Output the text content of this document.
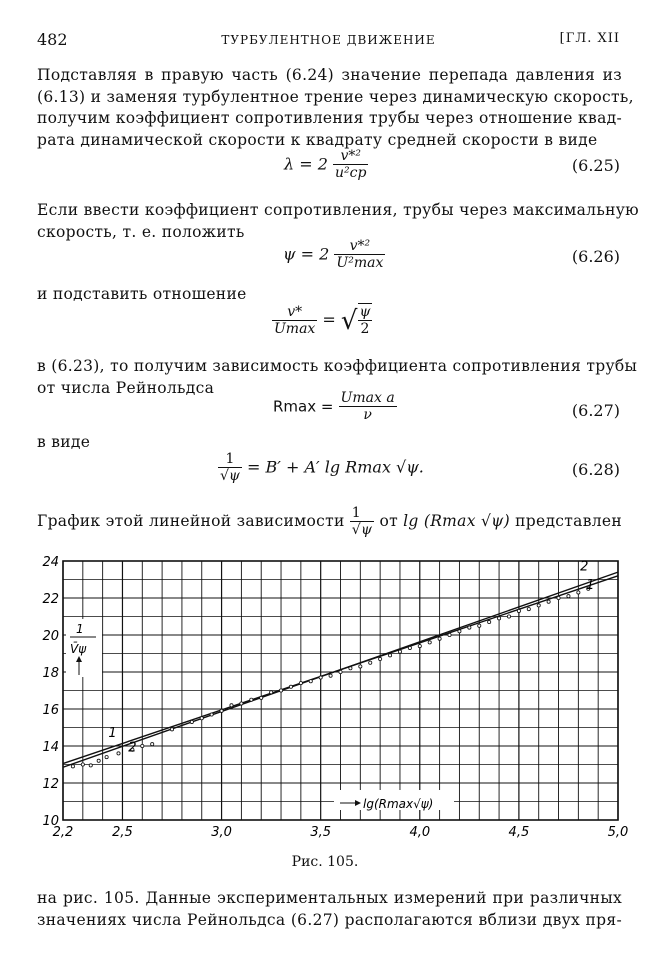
482	ТУРБУЛЕНТНОЕ ДВИЖЕНИЕ	[ГЛ. XII
Подставляя в правую часть (6.24) значение перепада давления из
(6.13) и заменяя турбулентное трение через динамическую скорость,
получим коэффициент сопротивления трубы через отношение квад-
рата динамической скорости к квадрату средней скорости в виде
$\lambda = 2 \frac{\text{v*²}}{\text{u²ср}}$	(6.25)
Если ввести коэффициент сопротивления, трубы через максимальную
скорость, т. е. положить
$\psi = 2 \frac{\text{v*²}}{\text{U²max}}$	(6.26)
и подставить отношение
$\frac{v*}{Umax}$ = √ $\frac{\psi}{2}$
в (6.23), то получим зависимость коэффициента сопротивления трубы
от числа Рейнольдса
$Rmax = \frac{\text{Umax a}}{\nu}$	(6.27)
в виде
$\frac{1}{√\psi} = B' + A'$ lg Rmax √ψ.	(6.28)
График этой линейной зависимости $\frac{1}{√\psi}$ от lg (Rmax √ψ) представлен
2,2	2,5	3,0	3,5	4,0	4,5	5,0
10
12
14
16
18
20
22
24
1
2
2
1
1
V̄ψ
lg(Rmax√ψ)
Рис. 105.
на рис. 105. Данные экспериментальных измерений при различных
значениях числа Рейнольдса (6.27) располагаются вблизи двух пря-
